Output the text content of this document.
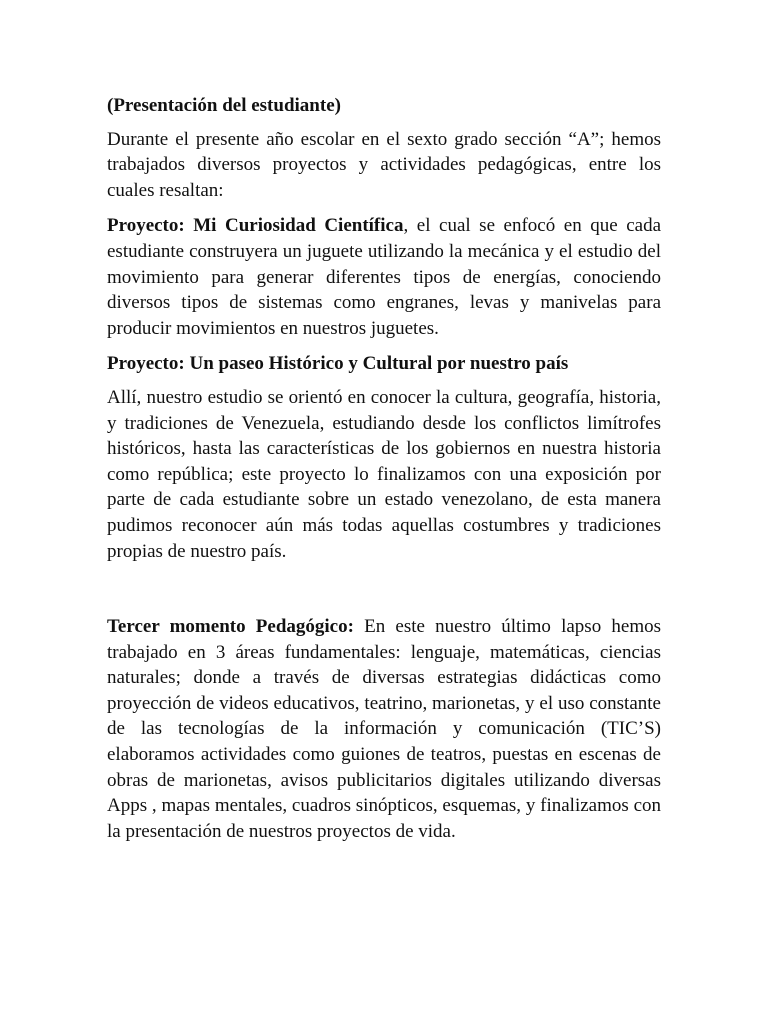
(Presentación del estudiante)

Durante el presente año escolar en el sexto grado sección “A”; hemos trabajados diversos proyectos y actividades pedagógicas, entre los cuales resaltan:

Proyecto: Mi Curiosidad Científica, el cual se enfocó en que cada estudiante construyera un juguete utilizando la mecánica y el estudio del movimiento para generar diferentes tipos de energías, conociendo diversos tipos de sistemas como engranes, levas y manivelas para producir movimientos en nuestros juguetes.

Proyecto: Un paseo Histórico y Cultural por nuestro país

Allí, nuestro estudio se orientó en conocer la cultura, geografía, historia, y tradiciones de Venezuela, estudiando desde los conflictos limítrofes históricos, hasta las características de los gobiernos en nuestra historia como república; este proyecto lo finalizamos con una exposición por parte de cada estudiante sobre un estado venezolano, de esta manera pudimos reconocer aún más todas aquellas costumbres y tradiciones propias de nuestro país.

Tercer momento Pedagógico: En este nuestro último lapso hemos trabajado en 3 áreas fundamentales: lenguaje, matemáticas, ciencias naturales; donde a través de diversas estrategias didácticas como proyección de videos educativos, teatrino, marionetas, y el uso constante de las tecnologías de la información y comunicación (TIC’S) elaboramos actividades como guiones de teatros, puestas en escenas de obras de marionetas, avisos publicitarios digitales utilizando diversas Apps , mapas mentales, cuadros sinópticos, esquemas, y finalizamos con la presentación de nuestros proyectos de vida.
